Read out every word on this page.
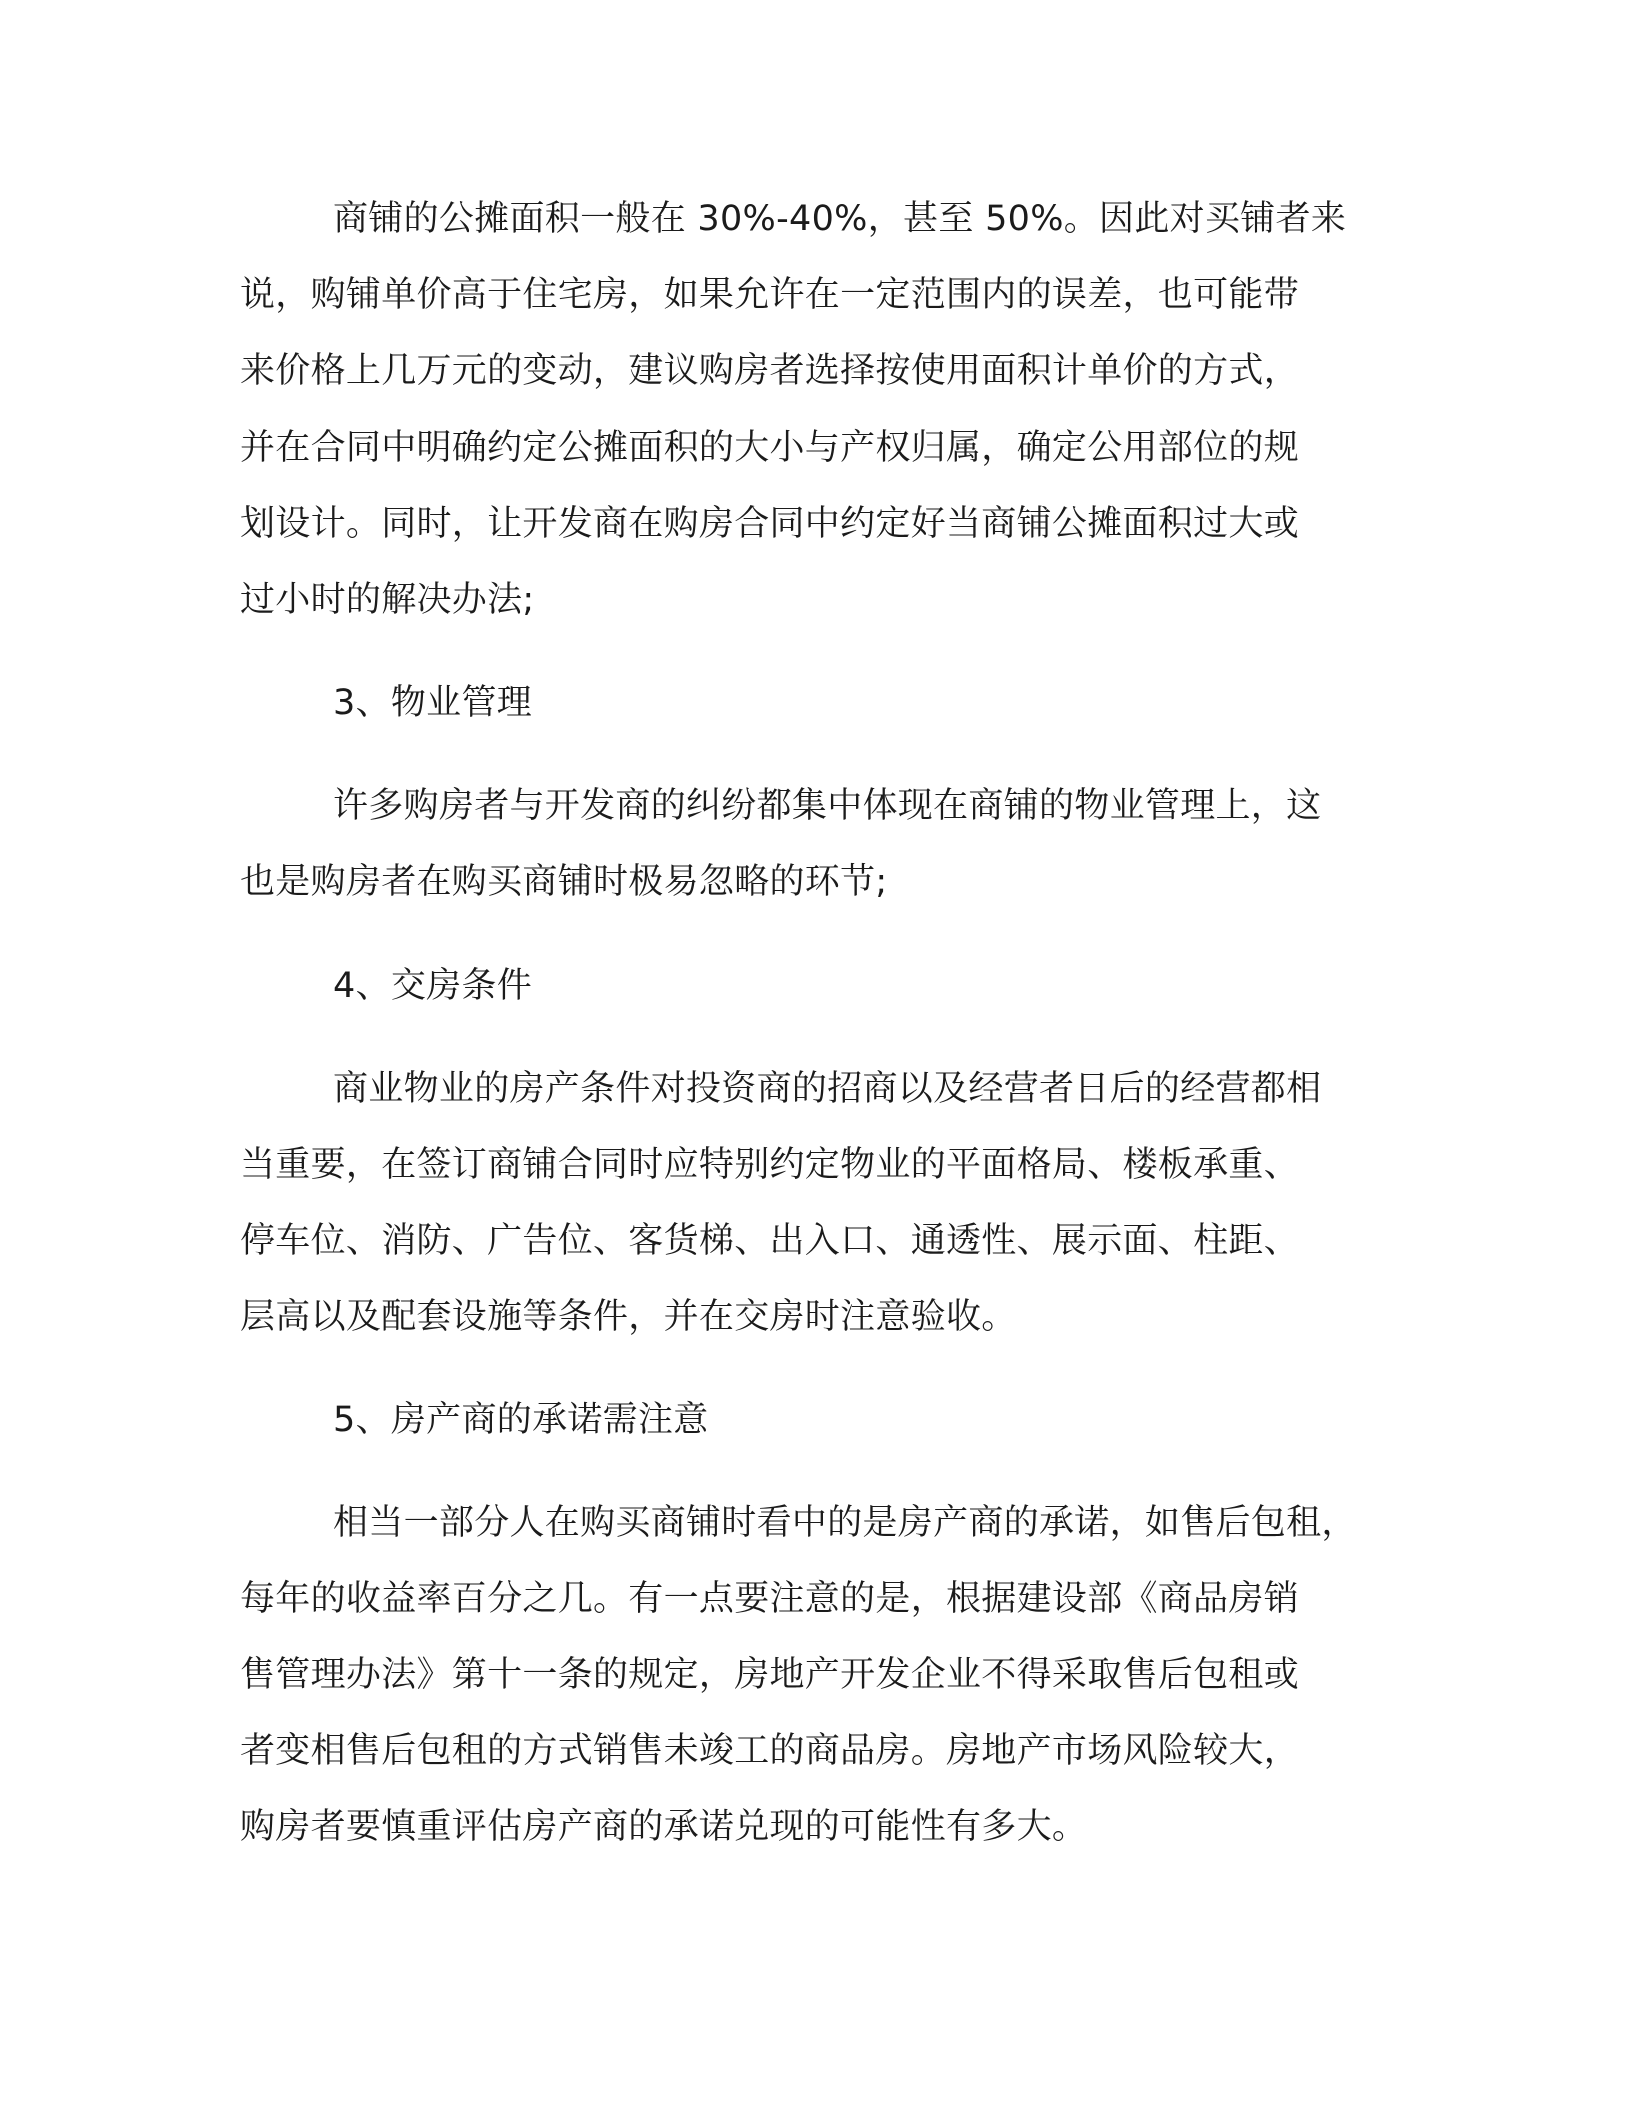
商铺的公摊面积一般在 30%-40%，甚至 50%。因此对买铺者来

说，购铺单价高于住宅房，如果允许在一定范围内的误差，也可能带

来价格上几万元的变动，建议购房者选择按使用面积计单价的方式，

并在合同中明确约定公摊面积的大小与产权归属，确定公用部位的规

划设计。同时，让开发商在购房合同中约定好当商铺公摊面积过大或

过小时的解决办法;

3、物业管理

许多购房者与开发商的纠纷都集中体现在商铺的物业管理上，这

也是购房者在购买商铺时极易忽略的环节;

4、交房条件

商业物业的房产条件对投资商的招商以及经营者日后的经营都相

当重要，在签订商铺合同时应特别约定物业的平面格局、楼板承重、

停车位、消防、广告位、客货梯、出入口、通透性、展示面、柱距、

层高以及配套设施等条件，并在交房时注意验收。

5、房产商的承诺需注意

相当一部分人在购买商铺时看中的是房产商的承诺，如售后包租，

每年的收益率百分之几。有一点要注意的是，根据建设部《商品房销

售管理办法》第十一条的规定，房地产开发企业不得采取售后包租或

者变相售后包租的方式销售未竣工的商品房。房地产市场风险较大，

购房者要慎重评估房产商的承诺兑现的可能性有多大。
